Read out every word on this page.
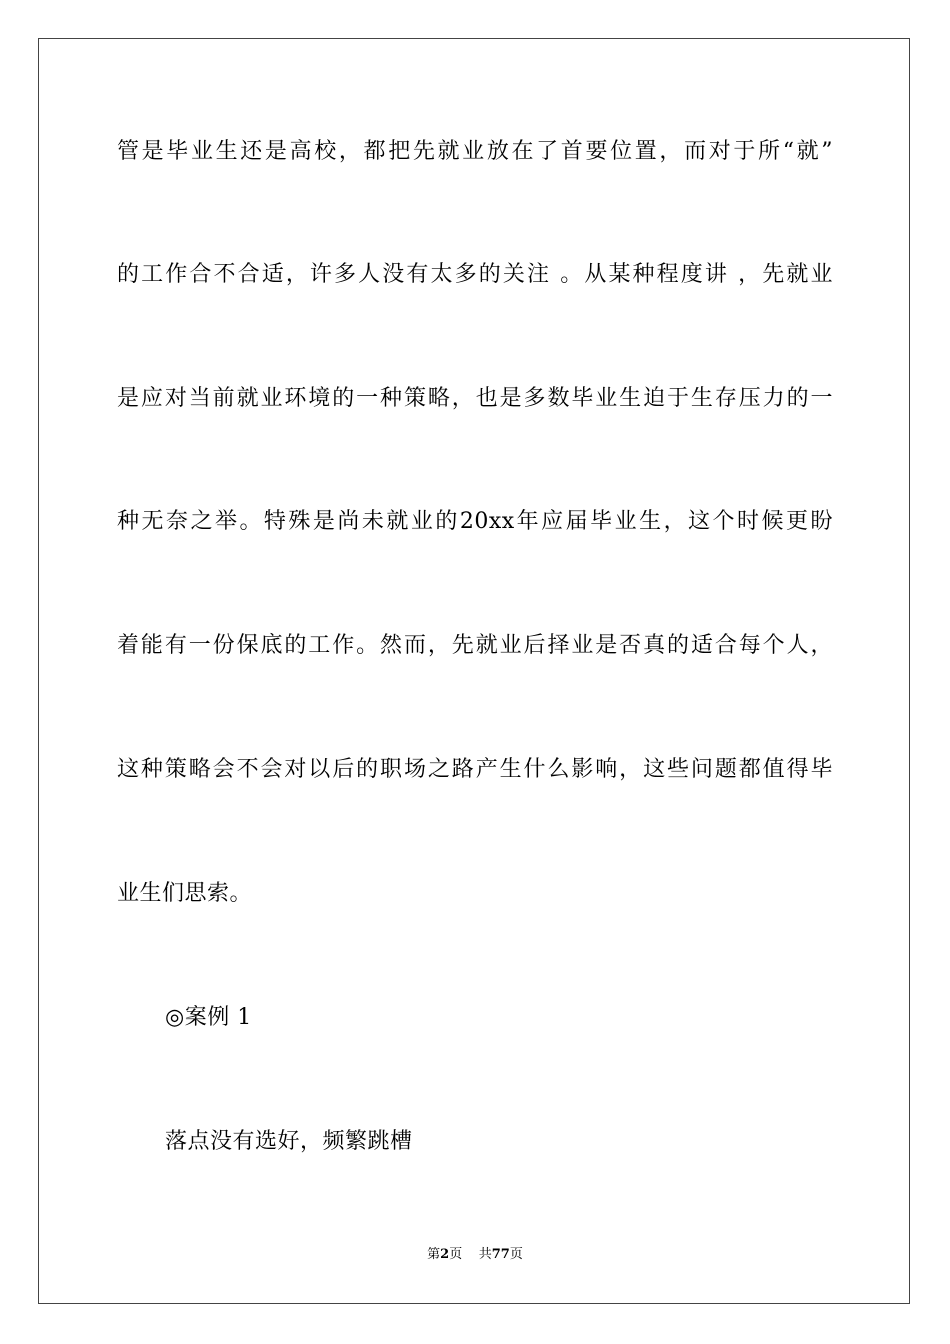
管是毕业生还是高校，都把先就业放在了首要位置，而对于所“就”
的工作合不合适，许多人没有太多的关注 。从某种程度讲 ，先就业
是应对当前就业环境的一种策略，也是多数毕业生迫于生存压力的一
种无奈之举。特殊是尚未就业的20xx年应届毕业生，这个时候更盼
着能有一份保底的工作。然而，先就业后择业是否真的适合每个人，
这种策略会不会对以后的职场之路产生什么影响，这些问题都值得毕
业生们思索。
◎案例 1
落点没有选好，频繁跳槽
第2页 共77页
